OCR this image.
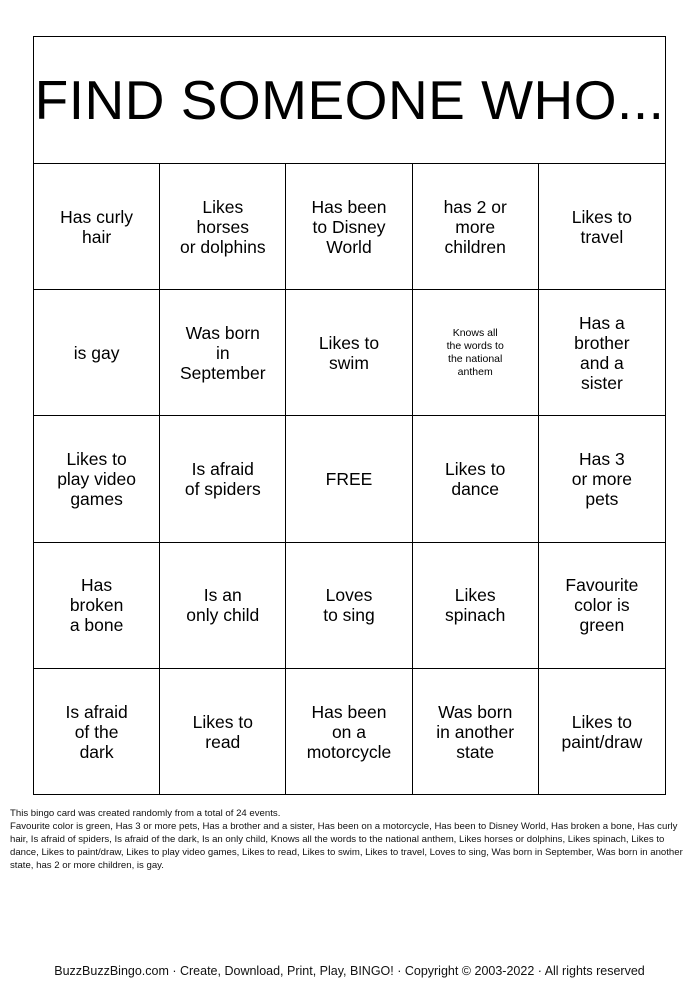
FIND SOMEONE WHO...
Has curly
hair
Likes
horses
or dolphins
Has been
to Disney
World
has 2 or
more
children
Likes to
travel
is gay
Was born
in
September
Likes to
swim
Knows all
the words to
the national
anthem
Has a
brother
and a
sister
Likes to
play video
games
Is afraid
of spiders	FREE	Likes to
dance
Has 3
or more
pets
Has
broken
a bone
Is an
only child
Loves
to sing
Likes
spinach
Favourite
color is
green
Is afraid
of the
dark
Likes to
read
Has been
on a
motorcycle
Was born
in another
state
Likes to
paint/draw

This bingo card was created randomly from a total of 24 events.

Favourite color is green, Has 3 or more pets, Has a brother and a sister, Has been on a motorcycle, Has been to Disney World, Has broken a bone, Has curly hair, Is afraid of spiders, Is afraid of the dark, Is an only child, Knows all the words to the national anthem, Likes horses or dolphins, Likes spinach, Likes to dance, Likes to paint/draw, Likes to play video games, Likes to read, Likes to swim, Likes to travel, Loves to sing, Was born in September, Was born in another state, has 2 or more children, is gay.

BuzzBuzzBingo.com · Create, Download, Print, Play, BINGO! · Copyright © 2003-2022 · All rights reserved
